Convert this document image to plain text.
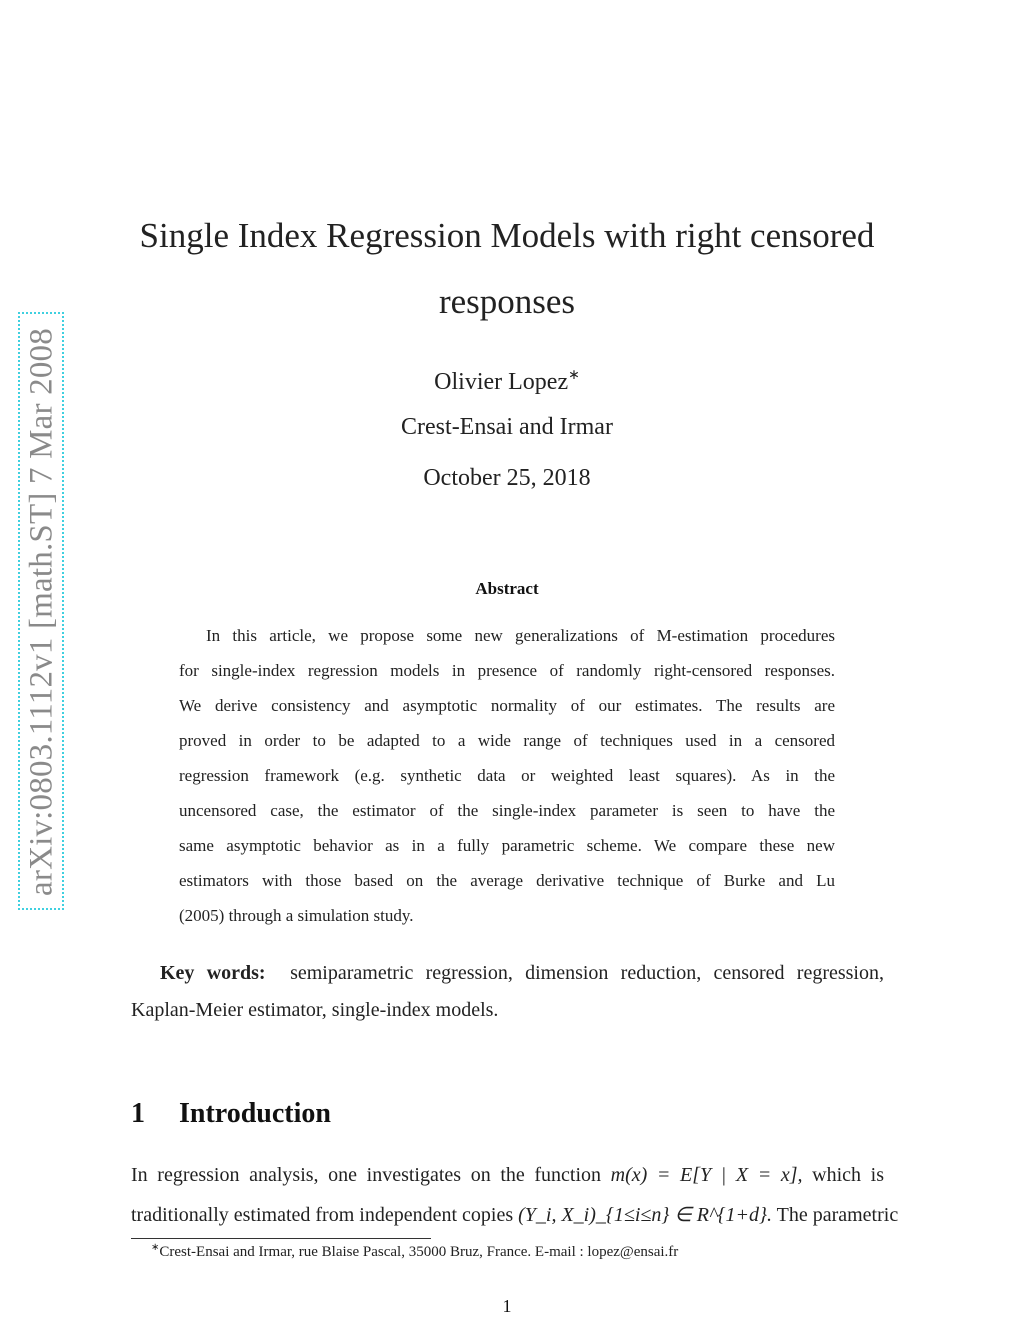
arXiv:0803.1112v1 [math.ST] 7 Mar 2008
Single Index Regression Models with right censored
responses
Olivier Lopez∗
Crest-Ensai and Irmar
October 25, 2018
Abstract
In this article, we propose some new generalizations of M-estimation procedures
for single-index regression models in presence of randomly right-censored responses.
We derive consistency and asymptotic normality of our estimates. The results are
proved in order to be adapted to a wide range of techniques used in a censored
regression framework (e.g. synthetic data or weighted least squares). As in the
uncensored case, the estimator of the single-index parameter is seen to have the
same asymptotic behavior as in a fully parametric scheme. We compare these new
estimators with those based on the average derivative technique of Burke and Lu
(2005) through a simulation study.
Key words: semiparametric regression, dimension reduction, censored regression,
Kaplan-Meier estimator, single-index models.
1 Introduction
In regression analysis, one investigates on the function m(x) = E[Y | X = x], which is
traditionally estimated from independent copies (Y_i, X_i)_{1≤i≤n} ∈ R^{1+d}. The parametric
∗Crest-Ensai and Irmar, rue Blaise Pascal, 35000 Bruz, France. E-mail : lopez@ensai.fr
1
